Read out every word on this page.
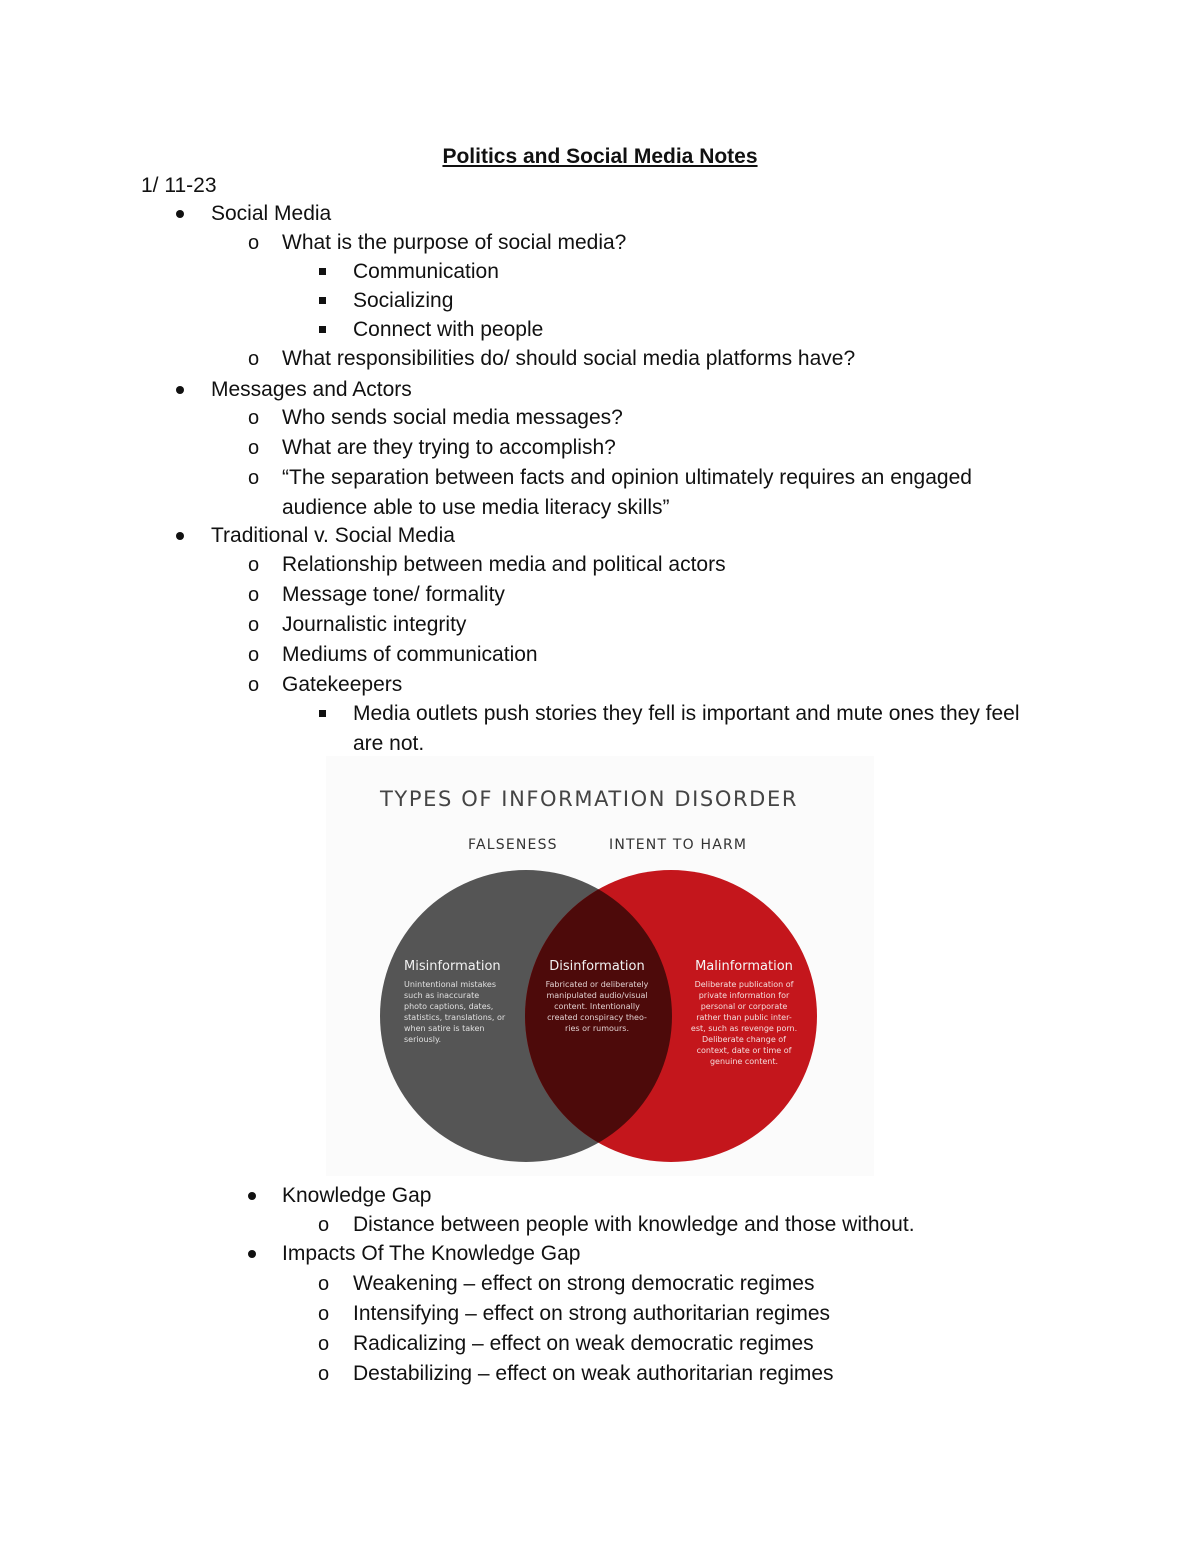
Politics and Social Media Notes
1/ 11-23
Social Media
o What is the purpose of social media?
Communication
Socializing
Connect with people
o What responsibilities do/ should social media platforms have?
Messages and Actors
o Who sends social media messages?
o What are they trying to accomplish?
o “The separation between facts and opinion ultimately requires an engaged
audience able to use media literacy skills”
Traditional v. Social Media
o Relationship between media and political actors
o Message tone/ formality
o Journalistic integrity
o Mediums of communication
o Gatekeepers
Media outlets push stories they fell is important and mute ones they feel
are not.
TYPES OF INFORMATION DISORDER
FALSENESS	INTENT TO HARM
Misinformation
Unintentional mistakes
such as inaccurate
photo captions, dates,
statistics, translations, or
when satire is taken
seriously.
Disinformation
Fabricated or deliberately
manipulated audio/visual
content. Intentionally
created conspiracy theo-
ries or rumours.
Malinformation
Deliberate publication of
private information for
personal or corporate
rather than public inter-
est, such as revenge porn.
Deliberate change of
context, date or time of
genuine content.
Knowledge Gap
o Distance between people with knowledge and those without.
Impacts Of The Knowledge Gap
o Weakening – effect on strong democratic regimes
o Intensifying – effect on strong authoritarian regimes
o Radicalizing – effect on weak democratic regimes
o Destabilizing – effect on weak authoritarian regimes
